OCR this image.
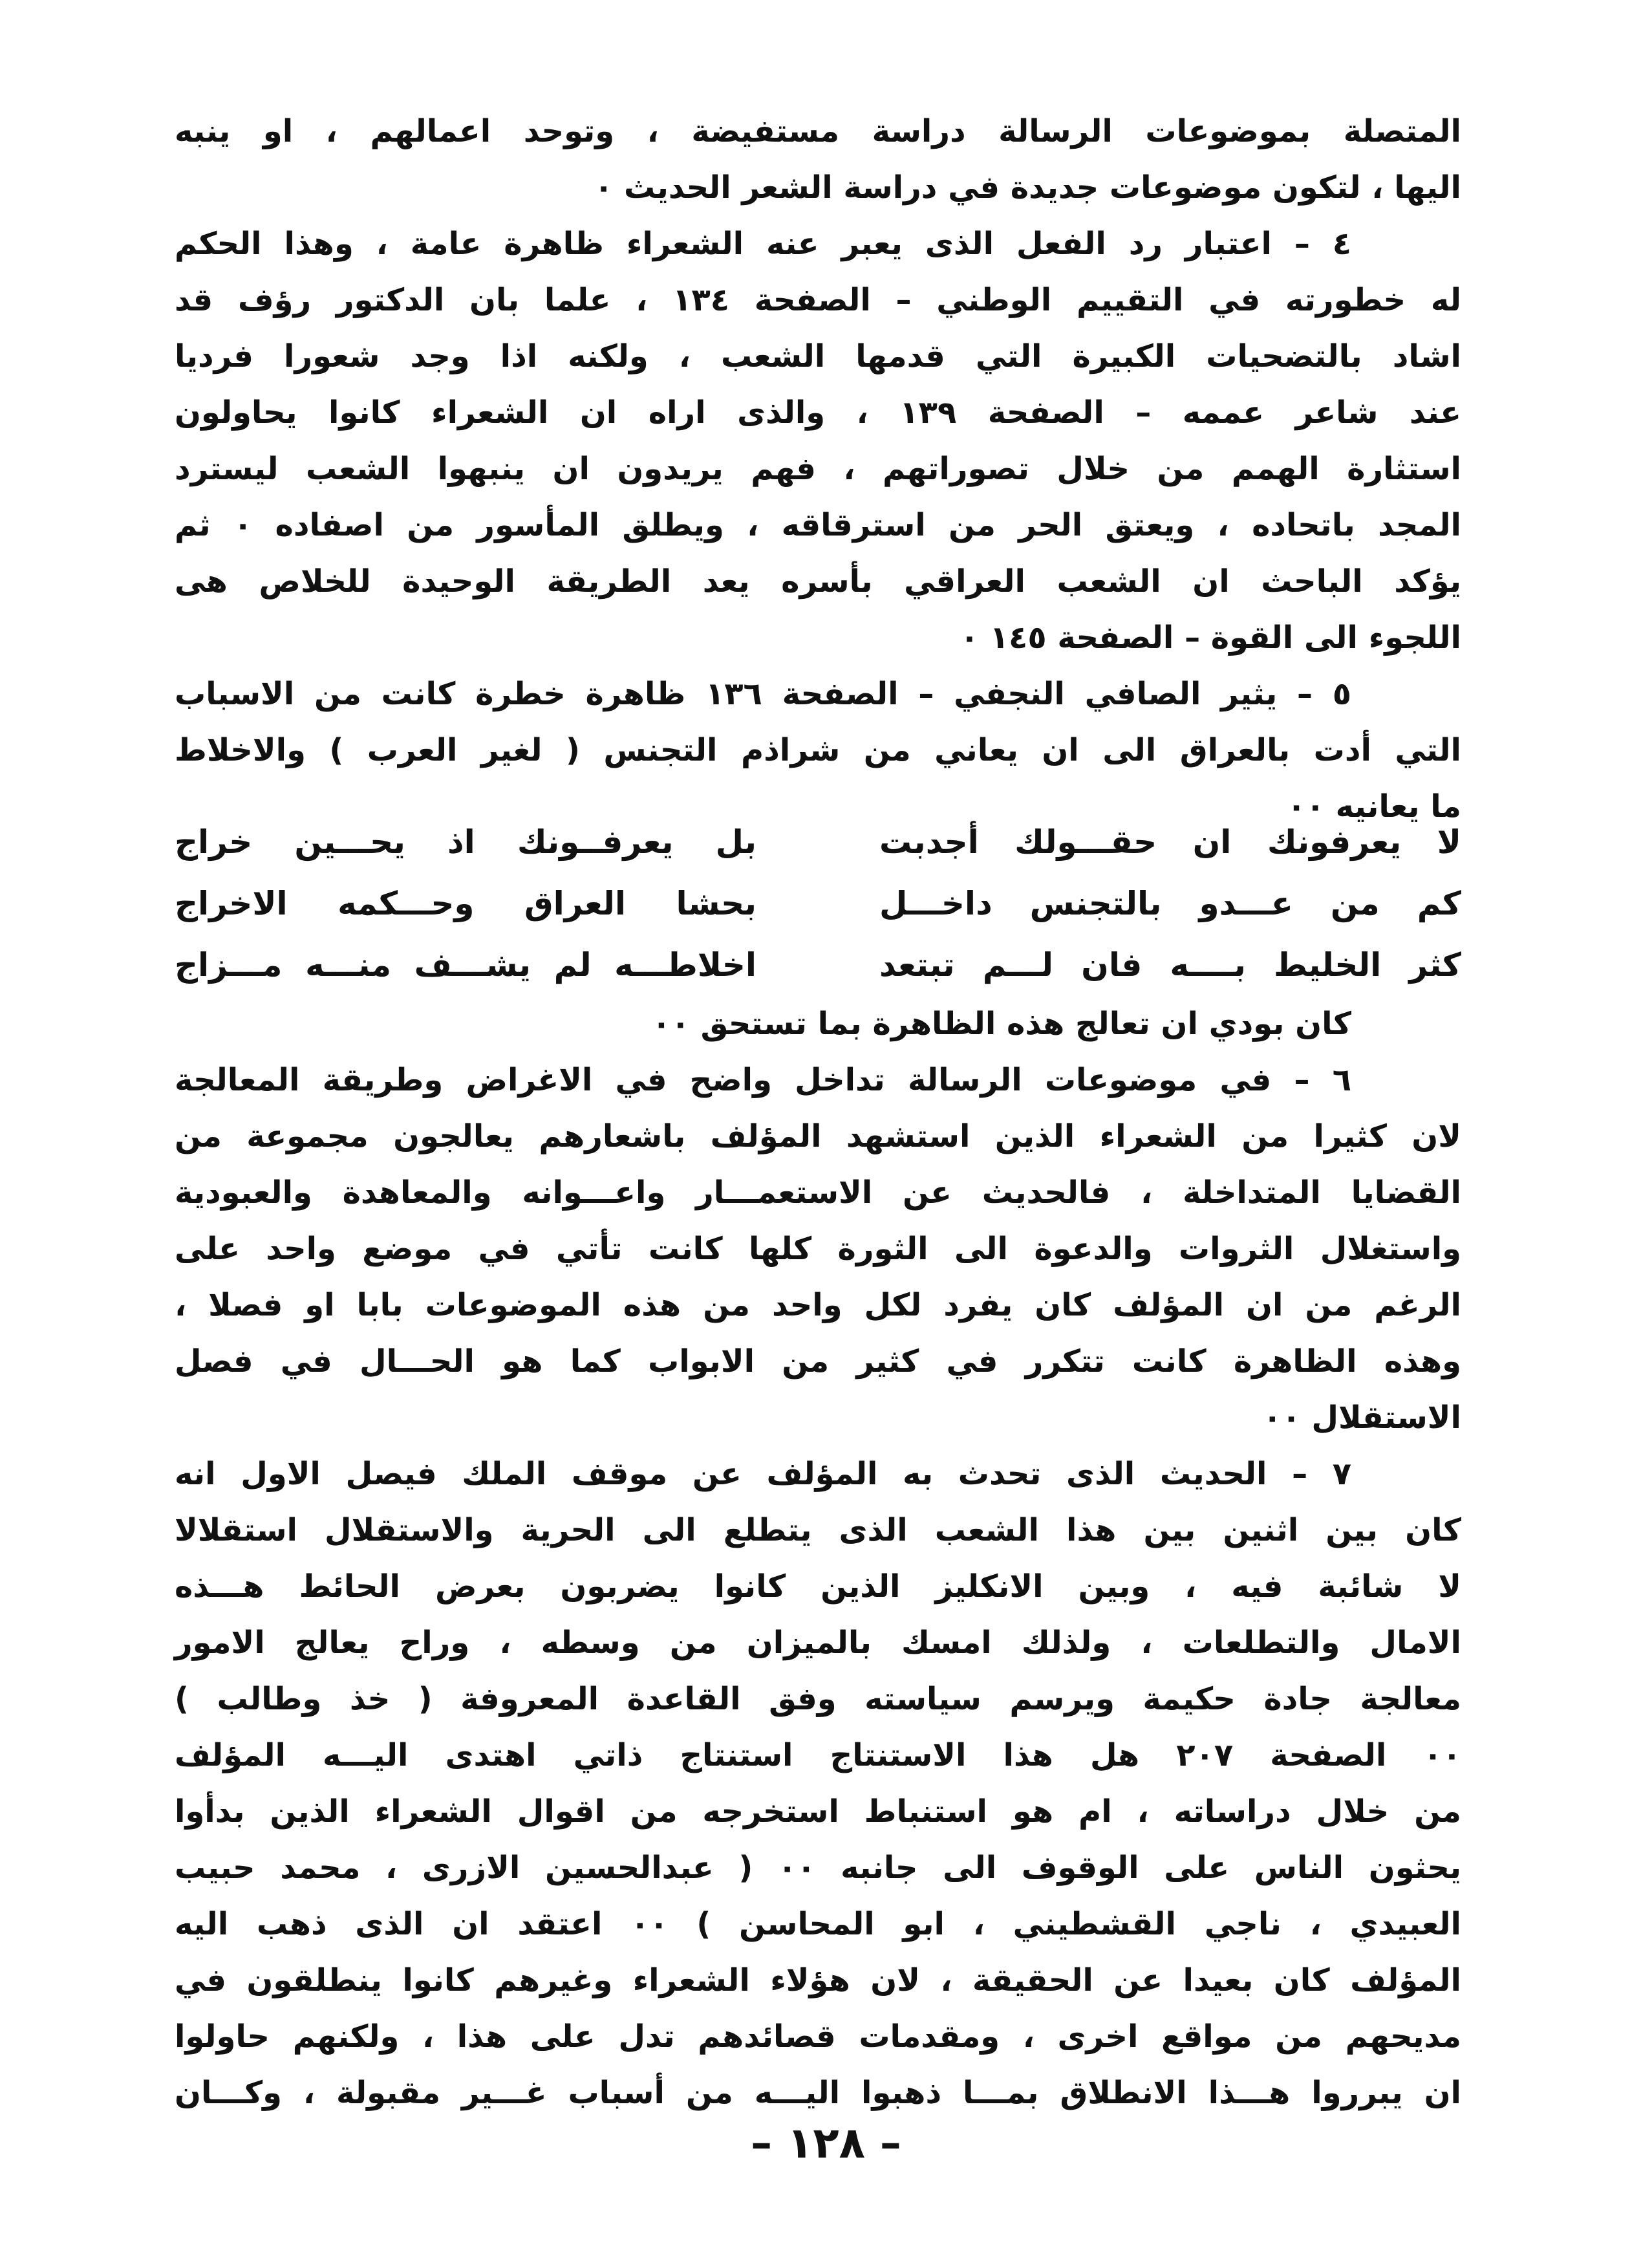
المتصلة بموضوعات الرسالة دراسة مستفيضة ، وتوحد اعمالهم ، او ينبه
اليها ، لتكون موضوعات جديدة في دراسة الشعر الحديث ٠
٤ – اعتبار رد الفعل الذى يعبر عنه الشعراء ظاهرة عامة ، وهذا الحكم
له خطورته في التقييم الوطني – الصفحة ١٣٤ ، علما بان الدكتور رؤف قد
اشاد بالتضحيات الكبيرة التي قدمها الشعب ، ولكنه اذا وجد شعورا فرديا
عند شاعر عممه – الصفحة ١٣٩ ، والذى اراه ان الشعراء كانوا يحاولون
استثارة الهمم من خلال تصوراتهم ، فهم يريدون ان ينبهوا الشعب ليسترد
المجد باتحاده ، ويعتق الحر من استرقاقه ، ويطلق المأسور من اصفاده ٠ ثم
يؤكد الباحث ان الشعب العراقي بأسره يعد الطريقة الوحيدة للخلاص هى
اللجوء الى القوة – الصفحة ١٤٥ ٠
٥ – يثير الصافي النجفي – الصفحة ١٣٦ ظاهرة خطرة كانت من الاسباب
التي أدت بالعراق الى ان يعاني من شراذم التجنس ( لغير العرب ) والاخلاط
ما يعانيه ٠٠
لا يعرفونك ان حقـــولك أجدبت
بل يعرفــونك اذ يحـــين خراج
كم من عـــدو بالتجنس داخـــل
بحشا العراق وحـــكمه الاخراج
كثر الخليط بــــه فان لـــم تبتعد
اخلاطـــه لم يشـــف منـــه مـــزاج
كان بودي ان تعالج هذه الظاهرة بما تستحق ٠٠
٦ – في موضوعات الرسالة تداخل واضح في الاغراض وطريقة المعالجة
لان كثيرا من الشعراء الذين استشهد المؤلف باشعارهم يعالجون مجموعة من
القضايا المتداخلة ، فالحديث عن الاستعمـــار واعـــوانه والمعاهدة والعبودية
واستغلال الثروات والدعوة الى الثورة كلها كانت تأتي في موضع واحد على
الرغم من ان المؤلف كان يفرد لكل واحد من هذه الموضوعات بابا او فصلا ،
وهذه الظاهرة كانت تتكرر في كثير من الابواب كما هو الحـــال في فصل
الاستقلال ٠٠
٧ – الحديث الذى تحدث به المؤلف عن موقف الملك فيصل الاول انه
كان بين اثنين بين هذا الشعب الذى يتطلع الى الحرية والاستقلال استقلالا
لا شائبة فيه ، وبين الانكليز الذين كانوا يضربون بعرض الحائط هـــذه
الامال والتطلعات ، ولذلك امسك بالميزان من وسطه ، وراح يعالج الامور
معالجة جادة حكيمة ويرسم سياسته وفق القاعدة المعروفة ( خذ وطالب )
٠٠ الصفحة ٢٠٧ هل هذا الاستنتاج استنتاج ذاتي اهتدى اليـــه المؤلف
من خلال دراساته ، ام هو استنباط استخرجه من اقوال الشعراء الذين بدأوا
يحثون الناس على الوقوف الى جانبه ٠٠ ( عبدالحسين الازرى ، محمد حبيب
العبيدي ، ناجي القشطيني ، ابو المحاسن ) ٠٠ اعتقد ان الذى ذهب اليه
المؤلف كان بعيدا عن الحقيقة ، لان هؤلاء الشعراء وغيرهم كانوا ينطلقون في
مديحهم من مواقع اخرى ، ومقدمات قصائدهم تدل على هذا ، ولكنهم حاولوا
ان يبرروا هـــذا الانطلاق بمـــا ذهبوا اليـــه من أسباب غـــير مقبولة ، وكـــان
– ١٢٨ –
